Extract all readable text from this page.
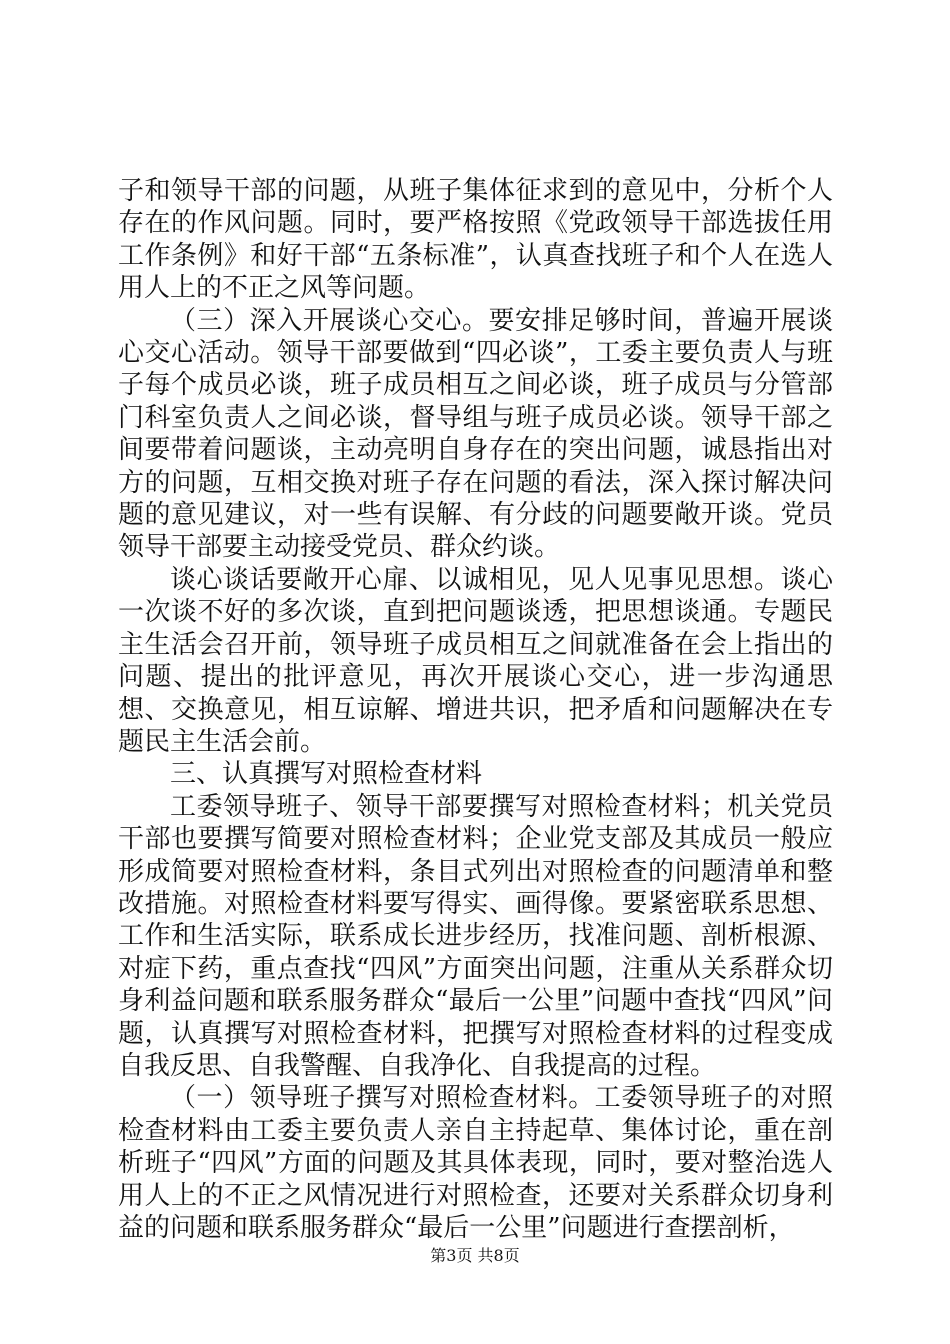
子和领导干部的问题，从班子集体征求到的意见中，分析个人存在的作风问题。同时，要严格按照《党政领导干部选拔任用工作条例》和好干部“五条标准”，认真查找班子和个人在选人用人上的不正之风等问题。

（三）深入开展谈心交心。要安排足够时间，普遍开展谈心交心活动。领导干部要做到“四必谈”，工委主要负责人与班子每个成员必谈，班子成员相互之间必谈，班子成员与分管部门科室负责人之间必谈，督导组与班子成员必谈。领导干部之间要带着问题谈，主动亮明自身存在的突出问题，诚恳指出对方的问题，互相交换对班子存在问题的看法，深入探讨解决问题的意见建议，对一些有误解、有分歧的问题要敞开谈。党员领导干部要主动接受党员、群众约谈。

谈心谈话要敞开心扉、以诚相见，见人见事见思想。谈心一次谈不好的多次谈，直到把问题谈透，把思想谈通。专题民主生活会召开前，领导班子成员相互之间就准备在会上指出的问题、提出的批评意见，再次开展谈心交心，进一步沟通思想、交换意见，相互谅解、增进共识，把矛盾和问题解决在专题民主生活会前。

三、认真撰写对照检查材料

工委领导班子、领导干部要撰写对照检查材料；机关党员干部也要撰写简要对照检查材料；企业党支部及其成员一般应形成简要对照检查材料，条目式列出对照检查的问题清单和整改措施。对照检查材料要写得实、画得像。要紧密联系思想、工作和生活实际，联系成长进步经历，找准问题、剖析根源、对症下药，重点查找“四风”方面突出问题，注重从关系群众切身利益问题和联系服务群众“最后一公里”问题中查找“四风”问题，认真撰写对照检查材料，把撰写对照检查材料的过程变成自我反思、自我警醒、自我净化、自我提高的过程。

（一）领导班子撰写对照检查材料。工委领导班子的对照检查材料由工委主要负责人亲自主持起草、集体讨论，重在剖析班子“四风”方面的问题及其具体表现，同时，要对整治选人用人上的不正之风情况进行对照检查，还要对关系群众切身利益的问题和联系服务群众“最后一公里”问题进行查摆剖析，

第3页 共8页
